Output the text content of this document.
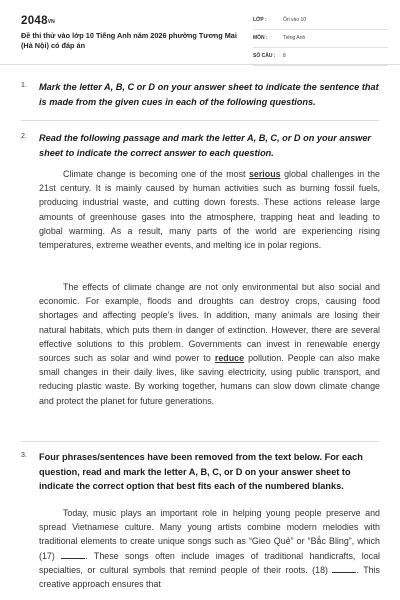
2048VN
Đề thi thử vào lớp 10 Tiếng Anh năm 2026 phường Tương Mai (Hà Nội) có đáp án
LỚP :	Ôn vào 10
MÔN :	Tiếng Anh
SỐ CÂU : 8
1. Mark the letter A, B, C or D on your answer sheet to indicate the sentence that is made from the given cues in each of the following questions.
2. Read the following passage and mark the letter A, B, C, or D on your answer sheet to indicate the correct answer to each question.
Climate change is becoming one of the most serious global challenges in the 21st century. It is mainly caused by human activities such as burning fossil fuels, producing industrial waste, and cutting down forests. These actions release large amounts of greenhouse gases into the atmosphere, trapping heat and leading to global warming. As a result, many parts of the world are experiencing rising temperatures, extreme weather events, and melting ice in polar regions.
The effects of climate change are not only environmental but also social and economic. For example, floods and droughts can destroy crops, causing food shortages and affecting people’s lives. In addition, many animals are losing their natural habitats, which puts them in danger of extinction. However, there are several effective solutions to this problem. Governments can invest in renewable energy sources such as solar and wind power to reduce pollution. People can also make small changes in their daily lives, like saving electricity, using public transport, and reducing plastic waste. By working together, humans can slow down climate change and protect the planet for future generations.
3. Four phrases/sentences have been removed from the text below. For each question, read and mark the letter A, B, C, or D on your answer sheet to indicate the correct option that best fits each of the numbered blanks.
Today, music plays an important role in helping young people preserve and spread Vietnamese culture. Many young artists combine modern melodies with traditional elements to create unique songs such as “Gieo Quẻ” or “Bắc Bling”, which (17)	. These songs often include images of traditional handicrafts, local specialties, or cultural symbols that remind people of their roots. (18)	. This creative approach ensures that
